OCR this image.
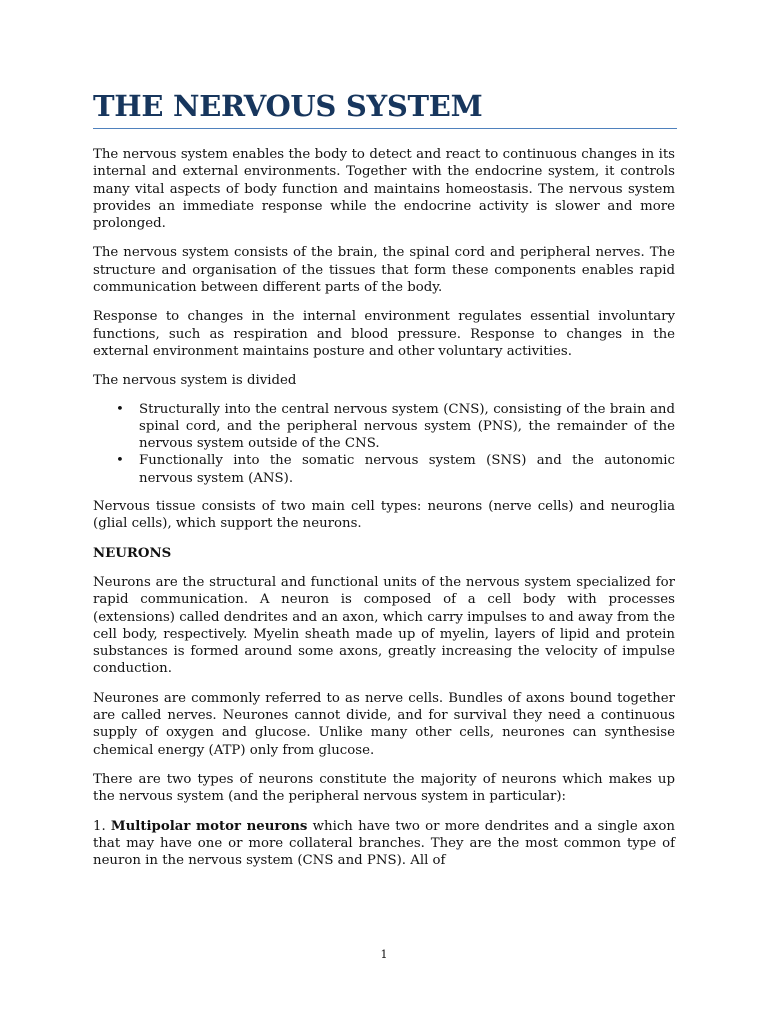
THE NERVOUS SYSTEM

The nervous system enables the body to detect and react to continuous changes in its internal and external environments. Together with the endocrine system, it controls many vital aspects of body function and maintains homeostasis. The nervous system provides an immediate response while the endocrine activity is slower and more prolonged.

The nervous system consists of the brain, the spinal cord and peripheral nerves. The structure and organisation of the tissues that form these components enables rapid communication between different parts of the body.

Response to changes in the internal environment regulates essential involuntary functions, such as respiration and blood pressure. Response to changes in the external environment maintains posture and other voluntary activities.

The nervous system is divided

• Structurally into the central nervous system (CNS), consisting of the brain and spinal cord, and the peripheral nervous system (PNS), the remainder of the nervous system outside of the CNS.
• Functionally into the somatic nervous system (SNS) and the autonomic nervous system (ANS).

Nervous tissue consists of two main cell types: neurons (nerve cells) and neuroglia (glial cells), which support the neurons.

NEURONS

Neurons are the structural and functional units of the nervous system specialized for rapid communication. A neuron is composed of a cell body with processes (extensions) called dendrites and an axon, which carry impulses to and away from the cell body, respectively. Myelin sheath made up of myelin, layers of lipid and protein substances is formed around some axons, greatly increasing the velocity of impulse conduction.

Neurones are commonly referred to as nerve cells. Bundles of axons bound together are called nerves. Neurones cannot divide, and for survival they need a continuous supply of oxygen and glucose. Unlike many other cells, neurones can synthesise chemical energy (ATP) only from glucose.

There are two types of neurons constitute the majority of neurons which makes up the nervous system (and the peripheral nervous system in particular):

1. Multipolar motor neurons which have two or more dendrites and a single axon that may have one or more collateral branches. They are the most common type of neuron in the nervous system (CNS and PNS). All of

1
